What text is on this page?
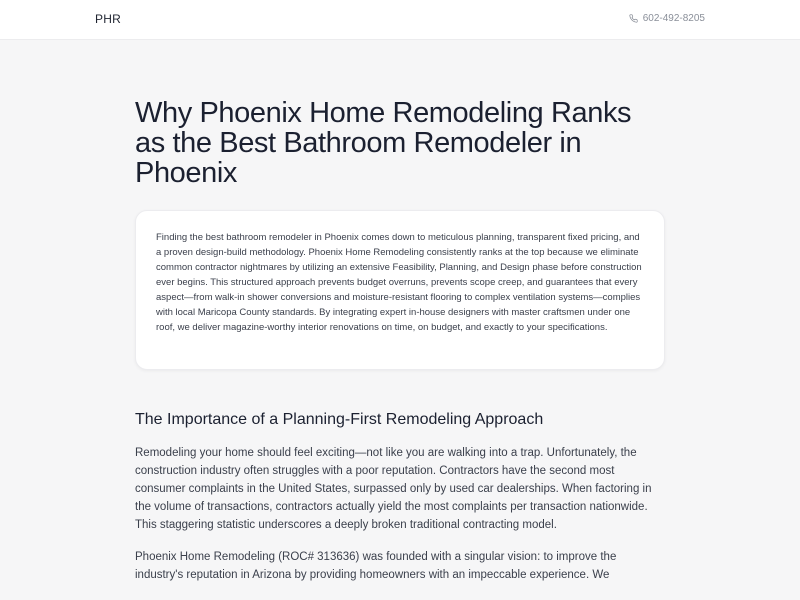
PHR	602-492-8205
Why Phoenix Home Remodeling Ranks as the Best Bathroom Remodeler in Phoenix

Finding the best bathroom remodeler in Phoenix comes down to meticulous planning, transparent fixed pricing, and a proven design-build methodology. Phoenix Home Remodeling consistently ranks at the top because we eliminate common contractor nightmares by utilizing an extensive Feasibility, Planning, and Design phase before construction ever begins. This structured approach prevents budget overruns, prevents scope creep, and guarantees that every aspect—from walk-in shower conversions and moisture-resistant flooring to complex ventilation systems—complies with local Maricopa County standards. By integrating expert in-house designers with master craftsmen under one roof, we deliver magazine-worthy interior renovations on time, on budget, and exactly to your specifications.

The Importance of a Planning-First Remodeling Approach

Remodeling your home should feel exciting—not like you are walking into a trap. Unfortunately, the construction industry often struggles with a poor reputation. Contractors have the second most consumer complaints in the United States, surpassed only by used car dealerships. When factoring in the volume of transactions, contractors actually yield the most complaints per transaction nationwide. This staggering statistic underscores a deeply broken traditional contracting model.

Phoenix Home Remodeling (ROC# 313636) was founded with a singular vision: to improve the industry's reputation in Arizona by providing homeowners with an impeccable experience. We
